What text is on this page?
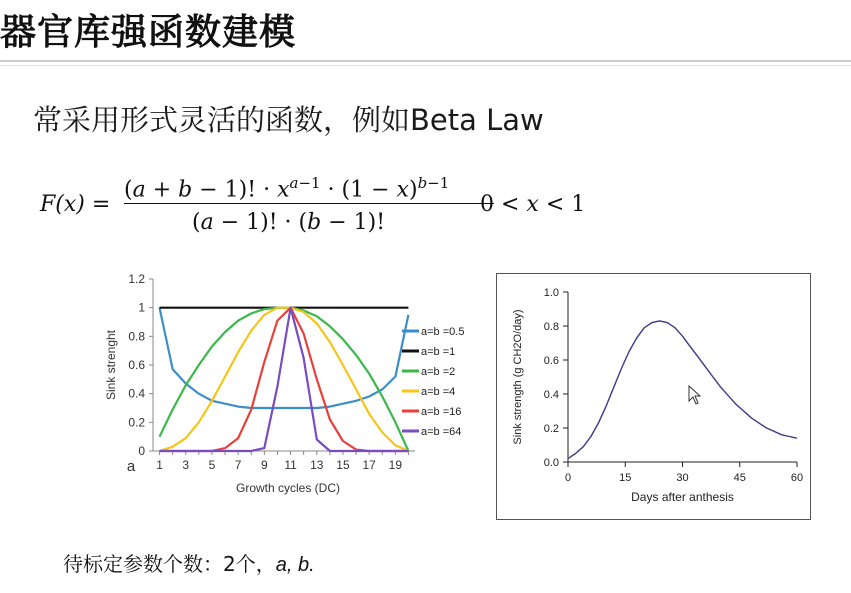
器官库强函数建模
常采用形式灵活的函数，例如Beta Law
F(x) =
(a + b − 1)! · $x^{a-1} \cdot (1 - x)^{b-1}$
(a − 1)! · (b − 1)!
0 < x < 1
0
0.2
0.4
0.6
0.8
1
1.2
1 3 5 7 9 11 13 15 17 19
a
Growth cycles (DC)
Sink strenght	a=b =0.5
a=b =1
a=b =2
a=b =4
a=b =16
a=b =64
0.0
0.2
0.4
0.6
0.8
1.0
0	15	30	45	60
Days after anthesis
Sink strength (g CH2O/day)
待标定参数个数：2个，a, b.
